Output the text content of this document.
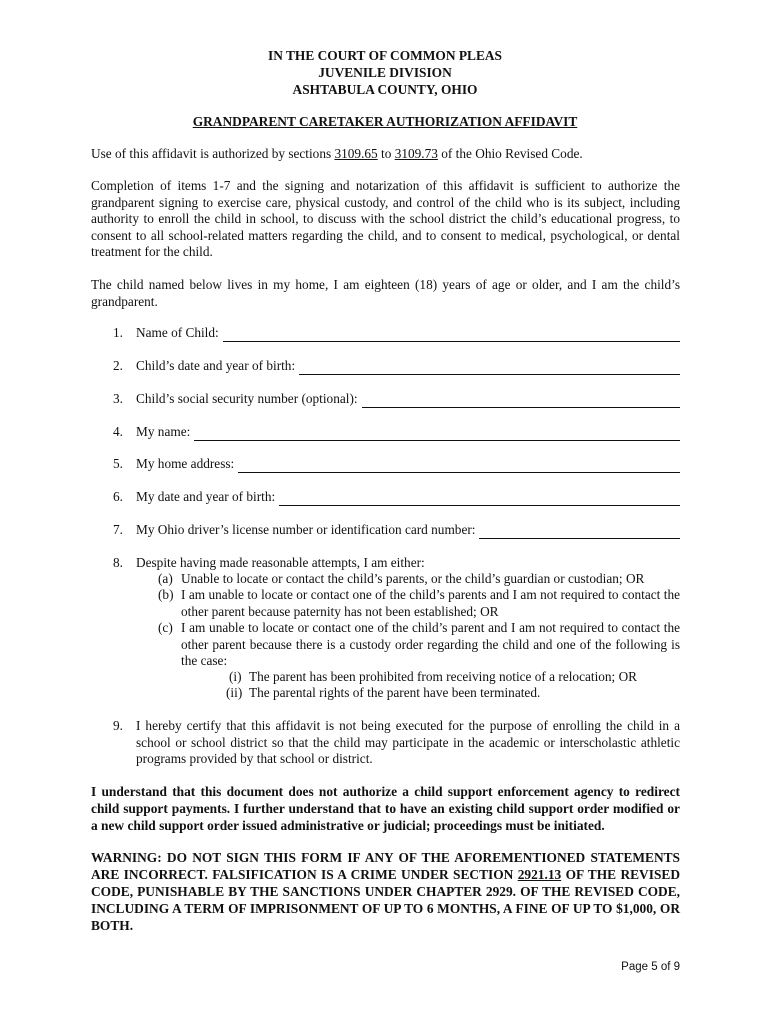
IN THE COURT OF COMMON PLEAS
JUVENILE DIVISION
ASHTABULA COUNTY, OHIO
GRANDPARENT CARETAKER AUTHORIZATION AFFIDAVIT
Use of this affidavit is authorized by sections 3109.65 to 3109.73 of the Ohio Revised Code.
Completion of items 1-7 and the signing and notarization of this affidavit is sufficient to authorize the grandparent signing to exercise care, physical custody, and control of the child who is its subject, including authority to enroll the child in school, to discuss with the school district the child’s educational progress, to consent to all school-related matters regarding the child, and to consent to medical, psychological, or dental treatment for the child.
The child named below lives in my home, I am eighteen (18) years of age or older, and I am the child’s grandparent.
1. Name of Child:
2. Child’s date and year of birth:
3. Child’s social security number (optional):
4. My name:
5. My home address:
6. My date and year of birth:
7. My Ohio driver’s license number or identification card number:
8. Despite having made reasonable attempts, I am either:
(a) Unable to locate or contact the child’s parents, or the child’s guardian or custodian; OR
(b) I am unable to locate or contact one of the child’s parents and I am not required to contact the other parent because paternity has not been established; OR
(c) I am unable to locate or contact one of the child’s parent and I am not required to contact the other parent because there is a custody order regarding the child and one of the following is the case:
(i) The parent has been prohibited from receiving notice of a relocation; OR
(ii) The parental rights of the parent have been terminated.
9. I hereby certify that this affidavit is not being executed for the purpose of enrolling the child in a school or school district so that the child may participate in the academic or interscholastic athletic programs provided by that school or district.
I understand that this document does not authorize a child support enforcement agency to redirect child support payments. I further understand that to have an existing child support order modified or a new child support order issued administrative or judicial; proceedings must be initiated.
WARNING: DO NOT SIGN THIS FORM IF ANY OF THE AFOREMENTIONED STATEMENTS ARE INCORRECT. FALSIFICATION IS A CRIME UNDER SECTION 2921.13 OF THE REVISED CODE, PUNISHABLE BY THE SANCTIONS UNDER CHAPTER 2929. OF THE REVISED CODE, INCLUDING A TERM OF IMPRISONMENT OF UP TO 6 MONTHS, A FINE OF UP TO $1,000, OR BOTH.
Page 5 of 9
